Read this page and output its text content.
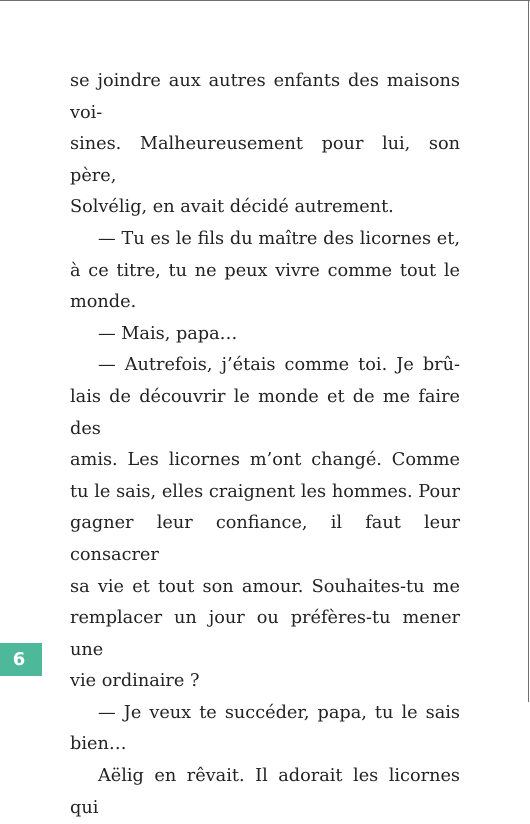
se joindre aux autres enfants des maisons voi-

sines. Malheureusement pour lui, son père,

Solvélig, en avait décidé autrement.

— Tu es le fils du maître des licornes et,

à ce titre, tu ne peux vivre comme tout le

monde.

— Mais, papa…

— Autrefois, j’étais comme toi. Je brû-

lais de découvrir le monde et de me faire des

amis. Les licornes m’ont changé. Comme

tu le sais, elles craignent les hommes. Pour

gagner leur confiance, il faut leur consacrer

sa vie et tout son amour. Souhaites-tu me

remplacer un jour ou préfères-tu mener une

vie ordinaire ?

— Je veux te succéder, papa, tu le sais

bien…

Aëlig en rêvait. Il adorait les licornes qui

6
